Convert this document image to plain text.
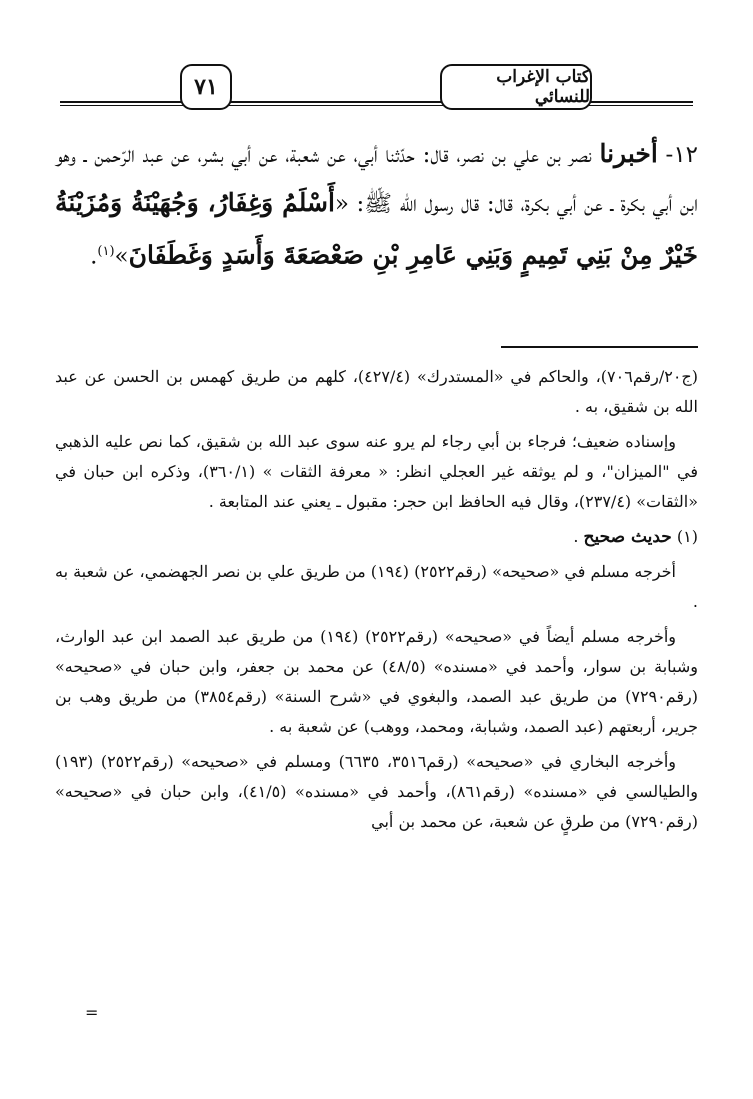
٧١	كتاب الإغراب للنسائي

١٢- أخبرنا نصر بن علي بن نصر، قال: حدّثنا أبي، عن شعبة، عن أبي بشر، عن عبد الرّحمن ـ وهو ابن أبي بكرة ـ عن أبي بكرة، قال: قال رسول الله ﷺ: «أَسْلَمُ وَغِفَارُ، وَجُهَيْنَةُ وَمُزَيْنَةُ خَيْرٌ مِنْ بَنِي تَمِيمٍ وَبَنِي عَامِرِ بْنِ صَعْصَعَةَ وَأَسَدٍ وَغَطَفَانَ»$^{(١)}$.

(ج٢٠/رقم٧٠٦)، والحاكم في «المستدرك» (٤٢٧/٤)، كلهم من طريق كهمس بن الحسن عن عبد الله بن شقيق، به .

وإسناده ضعيف؛ فرجاء بن أبي رجاء لم يرو عنه سوى عبد الله بن شقيق، كما نص عليه الذهبي في "الميزان"، و لم يوثقه غير العجلي انظر: « معرفة الثقات » (٣٦٠/١)، وذكره ابن حبان في «الثقات» (٢٣٧/٤)، وقال فيه الحافظ ابن حجر: مقبول ـ يعني عند المتابعة .

(١) حديث صحيح .

أخرجه مسلم في «صحيحه» (رقم٢٥٢٢) (١٩٤) من طريق علي بن نصر الجهضمي، عن شعبة به .

وأخرجه مسلم أيضاً في «صحيحه» (رقم٢٥٢٢) (١٩٤) من طريق عبد الصمد ابن عبد الوارث، وشبابة بن سوار، وأحمد في «مسنده» (٤٨/٥) عن محمد بن جعفر، وابن حبان في «صحيحه» (رقم٧٢٩٠) من طريق عبد الصمد، والبغوي في «شرح السنة» (رقم٣٨٥٤) من طريق وهب بن جرير، أربعتهم (عبد الصمد، وشبابة، ومحمد، ووهب) عن شعبة به .

وأخرجه البخاري في «صحيحه» (رقم٣٥١٦، ٦٦٣٥) ومسلم في «صحيحه» (رقم٢٥٢٢) (١٩٣) والطيالسي في «مسنده» (رقم٨٦١)، وأحمد في «مسنده» (٤١/٥)، وابن حبان في «صحيحه» (رقم٧٢٩٠) من طرقٍ عن شعبة، عن محمد بن أبي

=
